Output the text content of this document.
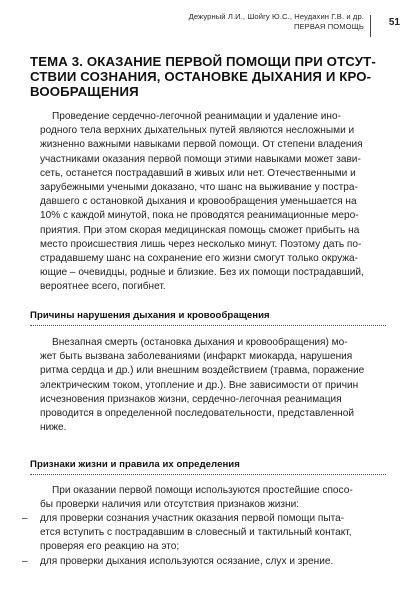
Дежурный Л.И., Шойгу Ю.С., Неудахин Г.В. и др.
ПЕРВАЯ ПОМОЩЬ 51
ТЕМА 3. ОКАЗАНИЕ ПЕРВОЙ ПОМОЩИ ПРИ ОТСУТ-
СТВИИ СОЗНАНИЯ, ОСТАНОВКЕ ДЫХАНИЯ И КРО-
ВООБРАЩЕНИЯ
Проведение сердечно-легочной реанимации и удаление ино-
родного тела верхних дыхательных путей являются несложными и
жизненно важными навыками первой помощи. От степени владения
участниками оказания первой помощи этими навыками может зави-
сеть, останется пострадавший в живых или нет. Отечественными и
зарубежными учеными доказано, что шанс на выживание у постра-
давшего с остановкой дыхания и кровообращения уменьшается на
10% с каждой минутой, пока не проводятся реанимационные меро-
приятия. При этом скорая медицинская помощь сможет прибыть на
место происшествия лишь через несколько минут. Поэтому дать по-
страдавшему шанс на сохранение его жизни смогут только окружа-
ющие – очевидцы, родные и близкие. Без их помощи пострадавший,
вероятнее всего, погибнет.
Причины нарушения дыхания и кровообращения
Внезапная смерть (остановка дыхания и кровообращения) мо-
жет быть вызвана заболеваниями (инфаркт миокарда, нарушения
ритма сердца и др.) или внешним воздействием (травма, поражение
электрическим током, утопление и др.). Вне зависимости от причин
исчезновения признаков жизни, сердечно-легочная реанимация
проводится в определенной последовательности, представленной
ниже.
Признаки жизни и правила их определения
При оказании первой помощи используются простейшие спосо-
бы проверки наличия или отсутствия признаков жизни:
–	для проверки сознания участник оказания первой помощи пыта-
ется вступить с пострадавшим в словесный и тактильный контакт,
проверяя его реакцию на это;
–	для проверки дыхания используются осязание, слух и зрение.
